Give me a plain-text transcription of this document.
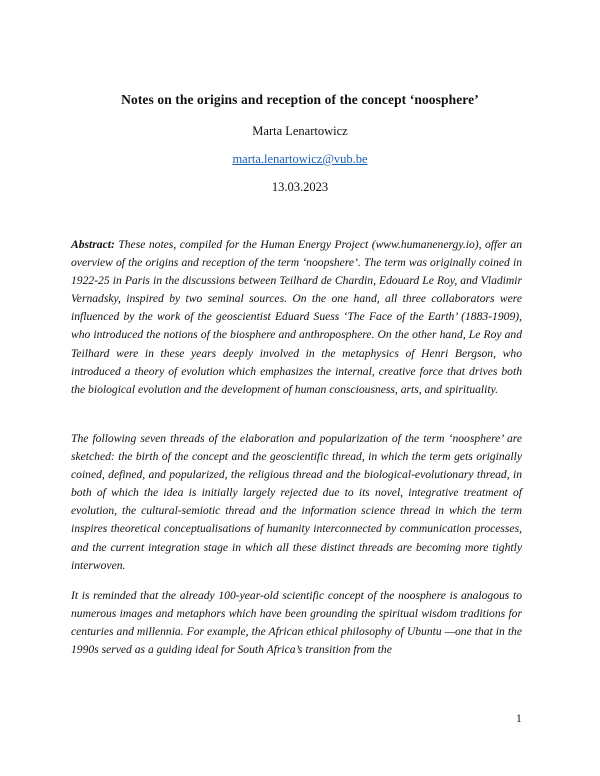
Notes on the origins and reception of the concept ‘noosphere’
Marta Lenartowicz
marta.lenartowicz@vub.be
13.03.2023

Abstract: These notes, compiled for the Human Energy Project (www.humanenergy.io), offer an overview of the origins and reception of the term ‘noopshere’. The term was originally coined in 1922-25 in Paris in the discussions between Teilhard de Chardin, Edouard Le Roy, and Vladimir Vernadsky, inspired by two seminal sources. On the one hand, all three collaborators were influenced by the work of the geoscientist Eduard Suess ‘The Face of the Earth’ (1883-1909), who introduced the notions of the biosphere and anthroposphere. On the other hand, Le Roy and Teilhard were in these years deeply involved in the metaphysics of Henri Bergson, who introduced a theory of evolution which emphasizes the internal, creative force that drives both the biological evolution and the development of human consciousness, arts, and spirituality.

The following seven threads of the elaboration and popularization of the term ‘noosphere’ are sketched: the birth of the concept and the geoscientific thread, in which the term gets originally coined, defined, and popularized, the religious thread and the biological-evolutionary thread, in both of which the idea is initially largely rejected due to its novel, integrative treatment of evolution, the cultural-semiotic thread and the information science thread in which the term inspires theoretical conceptualisations of humanity interconnected by communication processes, and the current integration stage in which all these distinct threads are becoming more tightly interwoven.

It is reminded that the already 100-year-old scientific concept of the noosphere is analogous to numerous images and metaphors which have been grounding the spiritual wisdom traditions for centuries and millennia. For example, the African ethical philosophy of Ubuntu —one that in the 1990s served as a guiding ideal for South Africa’s transition from the

1
